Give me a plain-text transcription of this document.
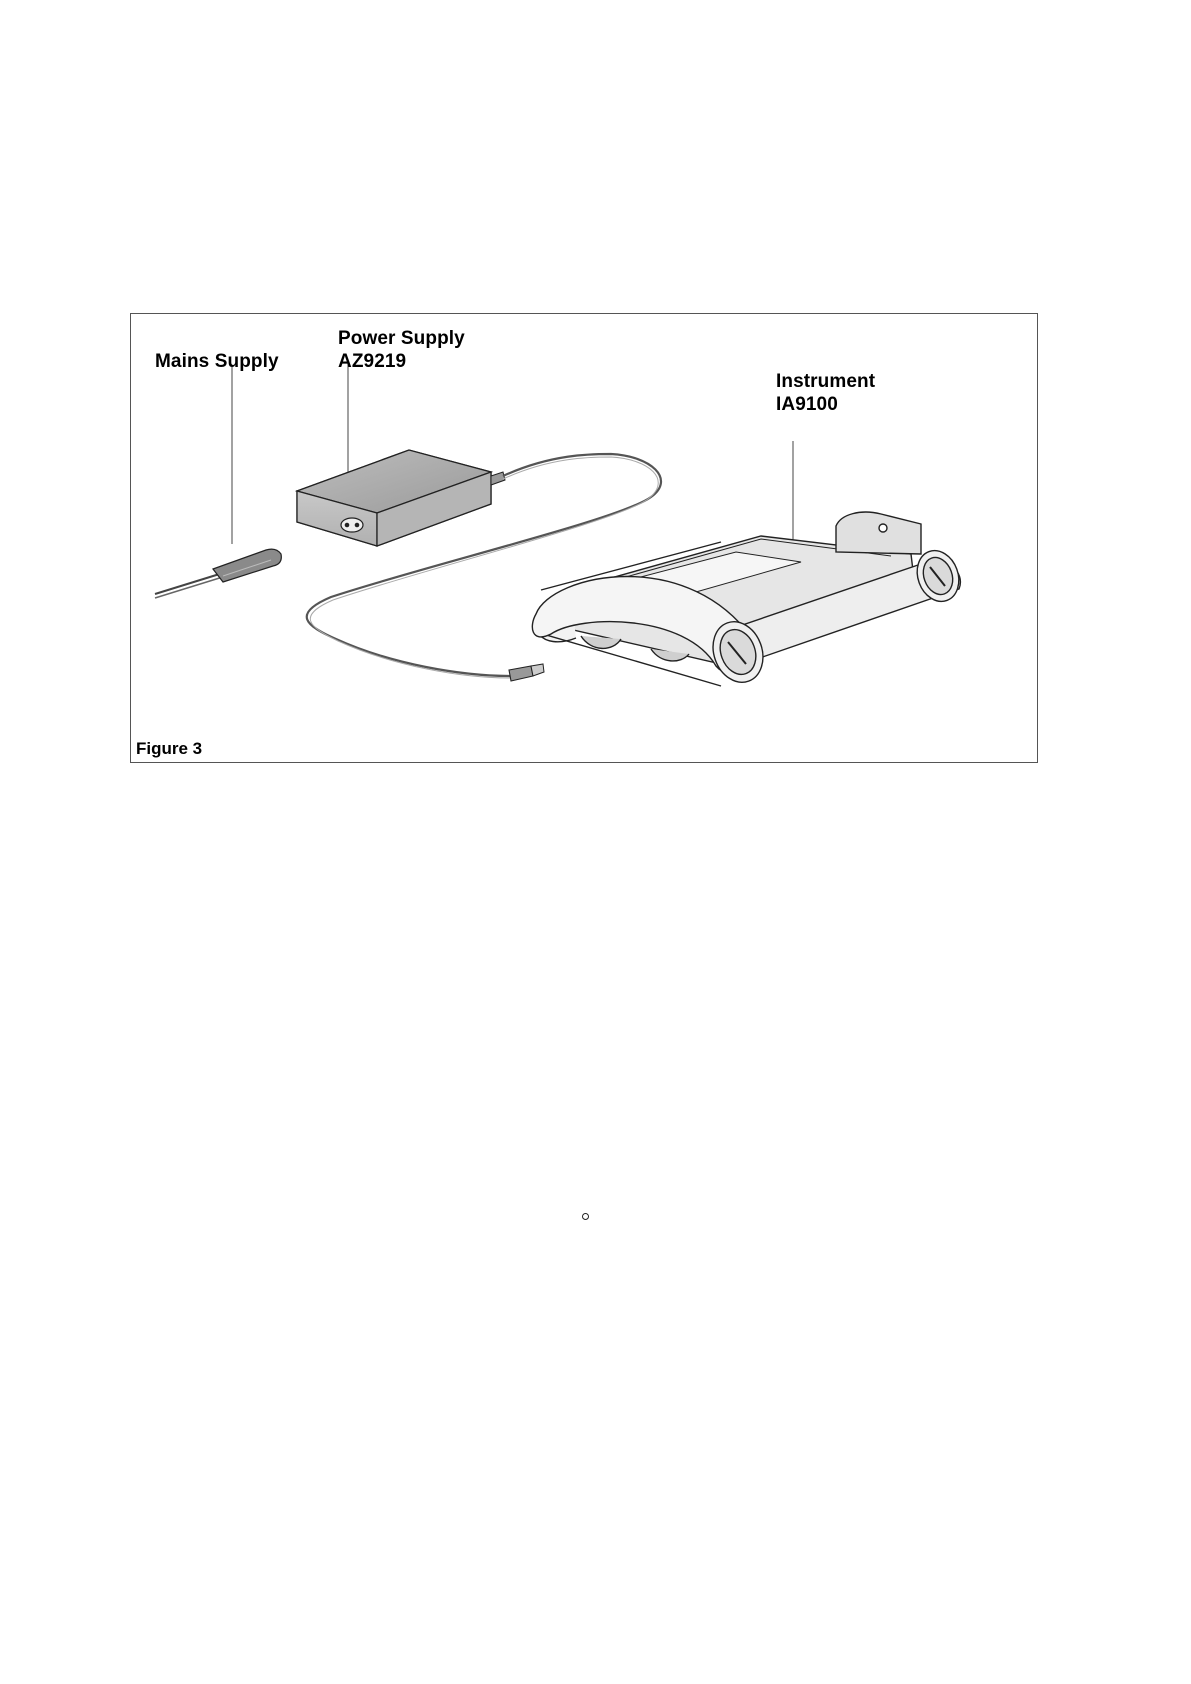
Mains Supply
Power Supply
AZ9219
Instrument
IA9100
Figure 3
